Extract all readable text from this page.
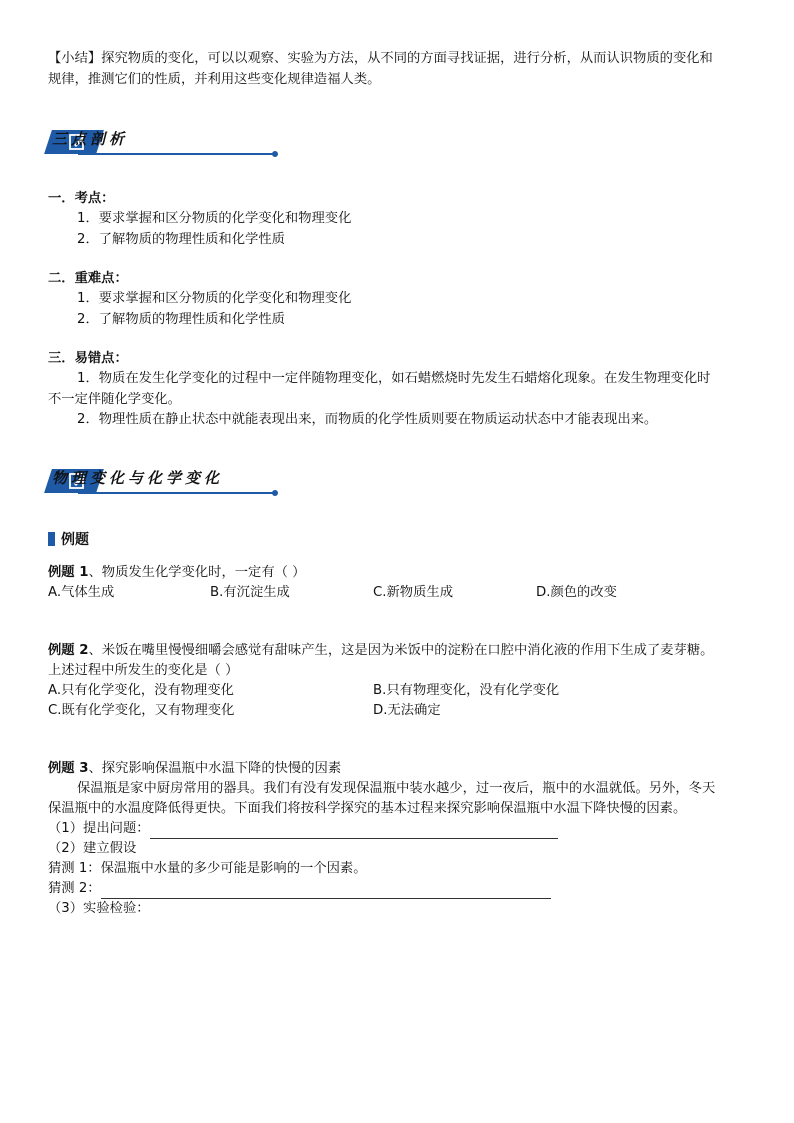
【小结】探究物质的变化，可以以观察、实验为方法，从不同的方面寻找证据，进行分析，从而认识物质的变化和
规律，推测它们的性质，并利用这些变化规律造福人类。
三点剖析
一．考点：
1．要求掌握和区分物质的化学变化和物理变化
2．了解物质的物理性质和化学性质
二．重难点：
1．要求掌握和区分物质的化学变化和物理变化
2．了解物质的物理性质和化学性质
三．易错点：
1．物质在发生化学变化的过程中一定伴随物理变化，如石蜡燃烧时先发生石蜡熔化现象。在发生物理变化时
不一定伴随化学变化。
2．物理性质在静止状态中就能表现出来，而物质的化学性质则要在物质运动状态中才能表现出来。
物理变化与化学变化
例题
例题 1、物质发生化学变化时，一定有（ ）
A.气体生成	B.有沉淀生成	C.新物质生成	D.颜色的改变
例题 2、米饭在嘴里慢慢细嚼会感觉有甜味产生，这是因为米饭中的淀粉在口腔中消化液的作用下生成了麦芽糖。
上述过程中所发生的变化是（ ）
A.只有化学变化，没有物理变化	B.只有物理变化，没有化学变化
C.既有化学变化，又有物理变化	D.无法确定
例题 3、探究影响保温瓶中水温下降的快慢的因素
保温瓶是家中厨房常用的器具。我们有没有发现保温瓶中装水越少，过一夜后，瓶中的水温就低。另外，冬天
保温瓶中的水温度降低得更快。下面我们将按科学探究的基本过程来探究影响保温瓶中水温下降快慢的因素。
（1）提出问题：
（2）建立假设
猜测 1：保温瓶中水量的多少可能是影响的一个因素。
猜测 2：
（3）实验检验：
